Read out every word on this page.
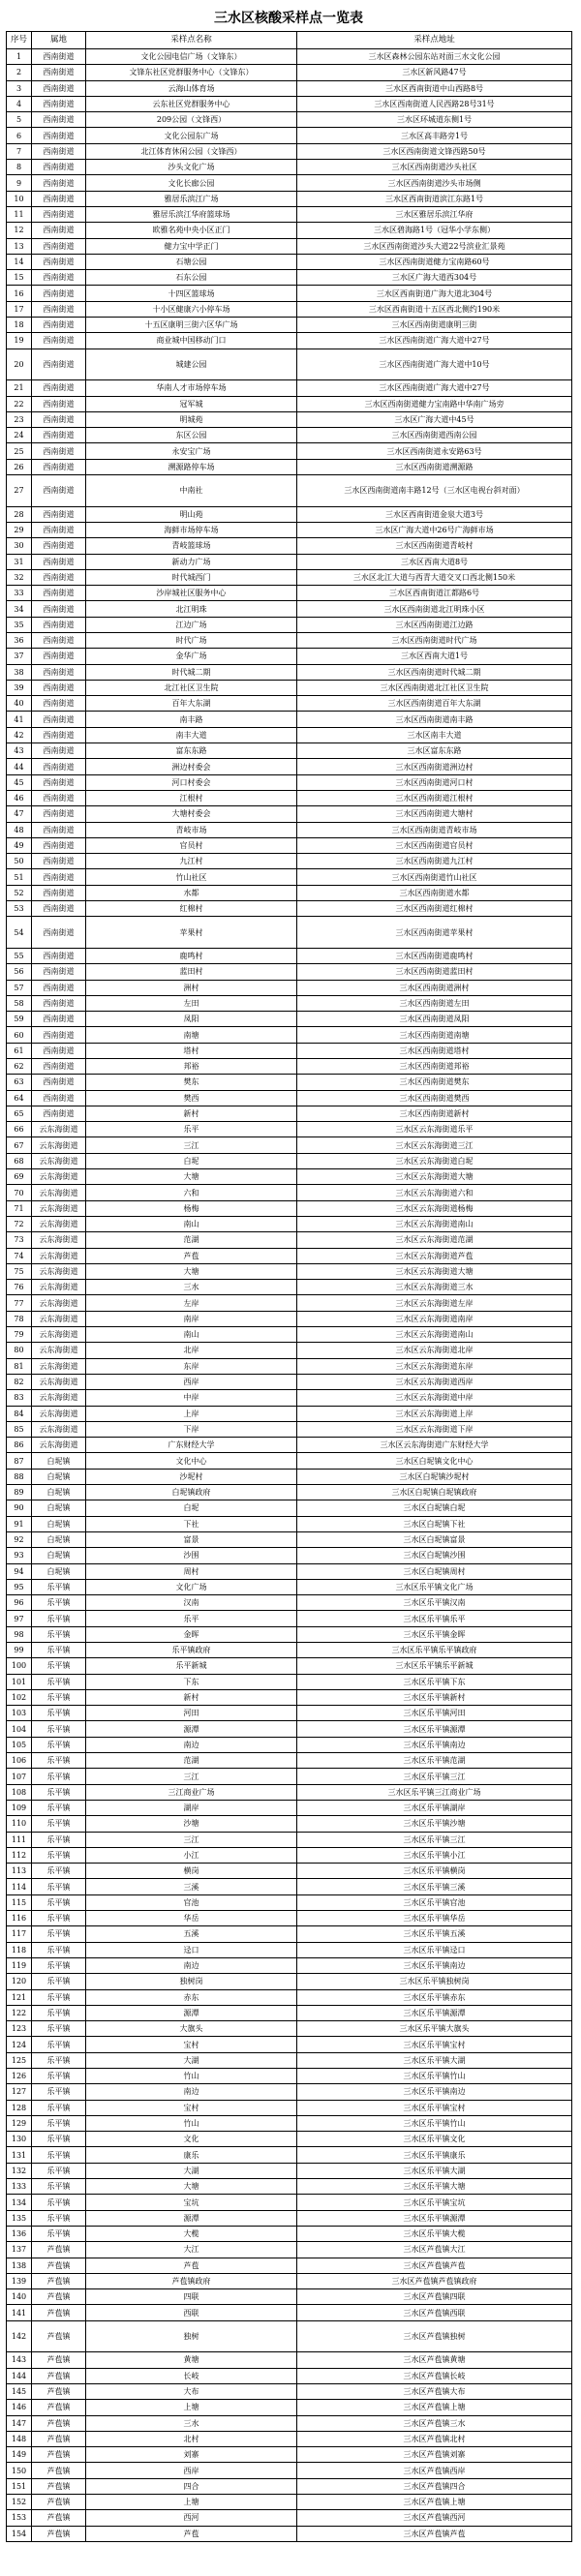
三水区核酸采样点一览表
序号	属地	采样点名称	采样点地址
1	西南街道	文化公园电信广场（文锋东）	三水区森林公园东站对面三水文化公园
2	西南街道	文锋东社区党群服务中心（文锋东）	三水区新风路47号
3	西南街道	云海山体育场	三水区西南街道中山西路8号
4	西南街道	云东社区党群服务中心	三水区西南街道人民西路28号31号
5	西南街道	209公园（文锋西）	三水区环城道东侧1号
6	西南街道	文化公园东广场	三水区高丰路旁1号
7	西南街道	北江体育休闲公园（文锋西）	三水区西南街道文锋西路50号
8	西南街道	沙头文化广场	三水区西南街道沙头社区
9	西南街道	文化长廊公园	三水区西南街道沙头市场侧
10	西南街道	雅居乐滨江广场	三水区西南街道滨江东路1号
11	西南街道	雅居乐滨江华府篮球场	三水区雅居乐滨江华府
12	西南街道	欧雅名苑中央小区正门	三水区碧海路1号（冠华小学东侧）
13	西南街道	健力宝中学正门	三水区西南街道沙头大道22号滨业汇景苑
14	西南街道	石塘公园	三水区西南街道健力宝南路60号
15	西南街道	石东公园	三水区广海大道西304号
16	西南街道	十四区篮球场	三水区西南街道广海大道北304号
17	西南街道	十小区健康六小停车场	三水区西南街道十五区西北侧约190米
18	西南街道	十五区康明三街六区华广场	三水区西南街道康明三街
19	西南街道	商业城中国移动门口	三水区西南街道广海大道中27号
20	西南街道	城建公园	三水区西南街道广海大道中10号
21	西南街道	华南人才市场停车场	三水区西南街道广海大道中27号
22	西南街道	冠军城	三水区西南街道健力宝南路中华南广场旁
23	西南街道	明城苑	三水区广海大道中45号
24	西南街道	东区公园	三水区西南街道西南公园
25	西南街道	永安宝广场	三水区西南街道永安路63号
26	西南街道	溯源路停车场	三水区西南街道溯源路
27	西南街道	中南社	三水区西南街道南丰路12号（三水区电视台斜对面）
28	西南街道	明山苑	三水区西南街道金泉大道3号
29	西南街道	海鲜市场停车场	三水区广海大道中26号广海鲜市场
30	西南街道	青岐篮球场	三水区西南街道青岐村
31	西南街道	新动力广场	三水区西南大道8号
32	西南街道	时代城西门	三水区北江大道与西青大道交叉口西北侧150米
33	西南街道	沙岸城社区服务中心	三水区西南街道江都路6号
34	西南街道	北江明珠	三水区西南街道北江明珠小区
35	西南街道	江边广场	三水区西南街道江边路
36	西南街道	时代广场	三水区西南街道时代广场
37	西南街道	金华广场	三水区西南大道1号
38	西南街道	时代城二期	三水区西南街道时代城二期
39	西南街道	北江社区卫生院	三水区西南街道北江社区卫生院
40	西南街道	百年大东湖	三水区西南街道百年大东湖
41	西南街道	南丰路	三水区西南街道南丰路
42	西南街道	南丰大道	三水区南丰大道
43	西南街道	富东东路	三水区富东东路
44	西南街道	洲边村委会	三水区西南街道洲边村
45	西南街道	河口村委会	三水区西南街道河口村
46	西南街道	江根村	三水区西南街道江根村
47	西南街道	大塘村委会	三水区西南街道大塘村
48	西南街道	青岐市场	三水区西南街道青岐市场
49	西南街道	官员村	三水区西南街道官员村
50	西南街道	九江村	三水区西南街道九江村
51	西南街道	竹山社区	三水区西南街道竹山社区
52	西南街道	水都	三水区西南街道水都
53	西南街道	红棉村	三水区西南街道红棉村
54	西南街道	苹果村	三水区西南街道苹果村
55	西南街道	鹿鸣村	三水区西南街道鹿鸣村
56	西南街道	蓝田村	三水区西南街道蓝田村
57	西南街道	洲村	三水区西南街道洲村
58	西南街道	左田	三水区西南街道左田
59	西南街道	凤阳	三水区西南街道凤阳
60	西南街道	南塘	三水区西南街道南塘
61	西南街道	塔村	三水区西南街道塔村
62	西南街道	邦裕	三水区西南街道邦裕
63	西南街道	樊东	三水区西南街道樊东
64	西南街道	樊西	三水区西南街道樊西
65	西南街道	新村	三水区西南街道新村
66	云东海街道	乐平	三水区云东海街道乐平
67	云东海街道	三江	三水区云东海街道三江
68	云东海街道	白坭	三水区云东海街道白坭
69	云东海街道	大塘	三水区云东海街道大塘
70	云东海街道	六和	三水区云东海街道六和
71	云东海街道	杨梅	三水区云东海街道杨梅
72	云东海街道	南山	三水区云东海街道南山
73	云东海街道	范湖	三水区云东海街道范湖
74	云东海街道	芦苞	三水区云东海街道芦苞
75	云东海街道	大塘	三水区云东海街道大塘
76	云东海街道	三水	三水区云东海街道三水
77	云东海街道	左岸	三水区云东海街道左岸
78	云东海街道	南岸	三水区云东海街道南岸
79	云东海街道	南山	三水区云东海街道南山
80	云东海街道	北岸	三水区云东海街道北岸
81	云东海街道	东岸	三水区云东海街道东岸
82	云东海街道	西岸	三水区云东海街道西岸
83	云东海街道	中岸	三水区云东海街道中岸
84	云东海街道	上岸	三水区云东海街道上岸
85	云东海街道	下岸	三水区云东海街道下岸
86	云东海街道	广东财经大学	三水区云东海街道广东财经大学
87	白坭镇	文化中心	三水区白坭镇文化中心
88	白坭镇	沙坭村	三水区白坭镇沙坭村
89	白坭镇	白坭镇政府	三水区白坭镇白坭镇政府
90	白坭镇	白坭	三水区白坭镇白坭
91	白坭镇	下社	三水区白坭镇下社
92	白坭镇	富景	三水区白坭镇富景
93	白坭镇	沙围	三水区白坭镇沙围
94	白坭镇	周村	三水区白坭镇周村
95	乐平镇	文化广场	三水区乐平镇文化广场
96	乐平镇	汉南	三水区乐平镇汉南
97	乐平镇	乐平	三水区乐平镇乐平
98	乐平镇	金晖	三水区乐平镇金晖
99	乐平镇	乐平镇政府	三水区乐平镇乐平镇政府
100	乐平镇	乐平新城	三水区乐平镇乐平新城
101	乐平镇	下东	三水区乐平镇下东
102	乐平镇	新村	三水区乐平镇新村
103	乐平镇	河田	三水区乐平镇河田
104	乐平镇	源潭	三水区乐平镇源潭
105	乐平镇	南边	三水区乐平镇南边
106	乐平镇	范湖	三水区乐平镇范湖
107	乐平镇	三江	三水区乐平镇三江
108	乐平镇	三江商业广场	三水区乐平镇三江商业广场
109	乐平镇	湖岸	三水区乐平镇湖岸
110	乐平镇	沙塘	三水区乐平镇沙塘
111	乐平镇	三江	三水区乐平镇三江
112	乐平镇	小江	三水区乐平镇小江
113	乐平镇	横岗	三水区乐平镇横岗
114	乐平镇	三溪	三水区乐平镇三溪
115	乐平镇	官池	三水区乐平镇官池
116	乐平镇	华岳	三水区乐平镇华岳
117	乐平镇	五溪	三水区乐平镇五溪
118	乐平镇	迳口	三水区乐平镇迳口
119	乐平镇	南边	三水区乐平镇南边
120	乐平镇	独树岗	三水区乐平镇独树岗
121	乐平镇	赤东	三水区乐平镇赤东
122	乐平镇	源潭	三水区乐平镇源潭
123	乐平镇	大旗头	三水区乐平镇大旗头
124	乐平镇	宝村	三水区乐平镇宝村
125	乐平镇	大湖	三水区乐平镇大湖
126	乐平镇	竹山	三水区乐平镇竹山
127	乐平镇	南边	三水区乐平镇南边
128	乐平镇	宝村	三水区乐平镇宝村
129	乐平镇	竹山	三水区乐平镇竹山
130	乐平镇	文化	三水区乐平镇文化
131	乐平镇	康乐	三水区乐平镇康乐
132	乐平镇	大湖	三水区乐平镇大湖
133	乐平镇	大塘	三水区乐平镇大塘
134	乐平镇	宝坑	三水区乐平镇宝坑
135	乐平镇	源潭	三水区乐平镇源潭
136	乐平镇	大榄	三水区乐平镇大榄
137	芦苞镇	大江	三水区芦苞镇大江
138	芦苞镇	芦苞	三水区芦苞镇芦苞
139	芦苞镇	芦苞镇政府	三水区芦苞镇芦苞镇政府
140	芦苞镇	四联	三水区芦苞镇四联
141	芦苞镇	西联	三水区芦苞镇西联
142	芦苞镇	独树	三水区芦苞镇独树
143	芦苞镇	黄塘	三水区芦苞镇黄塘
144	芦苞镇	长岐	三水区芦苞镇长岐
145	芦苞镇	大布	三水区芦苞镇大布
146	芦苞镇	上塘	三水区芦苞镇上塘
147	芦苞镇	三水	三水区芦苞镇三水
148	芦苞镇	北村	三水区芦苞镇北村
149	芦苞镇	刘寨	三水区芦苞镇刘寨
150	芦苞镇	西岸	三水区芦苞镇西岸
151	芦苞镇	四合	三水区芦苞镇四合
152	芦苞镇	上塘	三水区芦苞镇上塘
153	芦苞镇	西河	三水区芦苞镇西河
154	芦苞镇	芦苞	三水区芦苞镇芦苞
